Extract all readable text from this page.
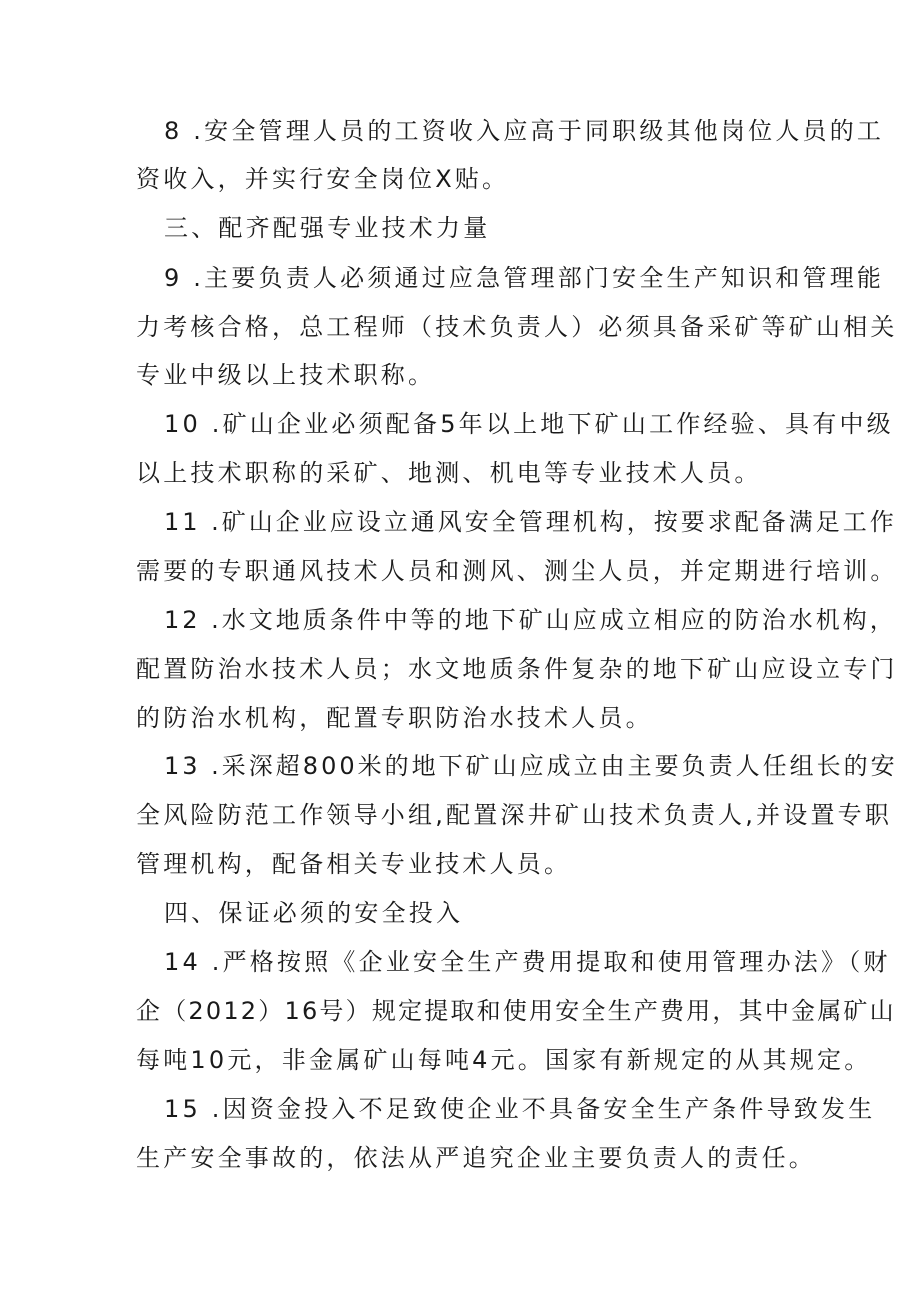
8 .安全管理人员的工资收入应高于同职级其他岗位人员的工
资收入，并实行安全岗位X贴。
三、配齐配强专业技术力量
9 .主要负责人必须通过应急管理部门安全生产知识和管理能
力考核合格，总工程师（技术负责人）必须具备采矿等矿山相关
专业中级以上技术职称。
10 .矿山企业必须配备5年以上地下矿山工作经验、具有中级
以上技术职称的采矿、地测、机电等专业技术人员。
11 .矿山企业应设立通风安全管理机构，按要求配备满足工作
需要的专职通风技术人员和测风、测尘人员，并定期进行培训。
12 .水文地质条件中等的地下矿山应成立相应的防治水机构，
配置防治水技术人员；水文地质条件复杂的地下矿山应设立专门
的防治水机构，配置专职防治水技术人员。
13 .采深超800米的地下矿山应成立由主要负责人任组长的安
全风险防范工作领导小组,配置深井矿山技术负责人,并设置专职
管理机构，配备相关专业技术人员。
四、保证必须的安全投入
14 .严格按照《企业安全生产费用提取和使用管理办法》（财
企（2012）16号）规定提取和使用安全生产费用，其中金属矿山
每吨10元，非金属矿山每吨4元。国家有新规定的从其规定。
15 .因资金投入不足致使企业不具备安全生产条件导致发生
生产安全事故的，依法从严追究企业主要负责人的责任。
